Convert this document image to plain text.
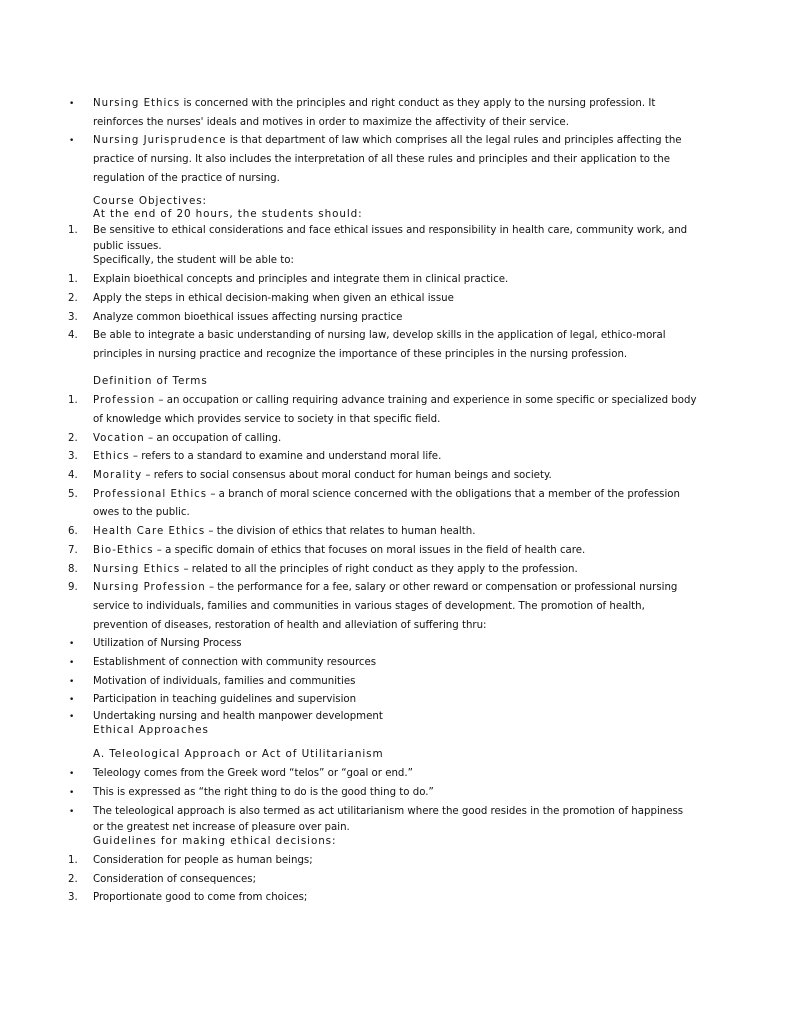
• Nursing Ethics is concerned with the principles and right conduct as they apply to the nursing profession. It
reinforces the nurses' ideals and motives in order to maximize the affectivity of their service.
• Nursing Jurisprudence is that department of law which comprises all the legal rules and principles affecting the
practice of nursing. It also includes the interpretation of all these rules and principles and their application to the
regulation of the practice of nursing.
Course Objectives:
At the end of 20 hours, the students should:
1. Be sensitive to ethical considerations and face ethical issues and responsibility in health care, community work, and
public issues.
Specifically, the student will be able to:
1. Explain bioethical concepts and principles and integrate them in clinical practice.
2. Apply the steps in ethical decision-making when given an ethical issue
3. Analyze common bioethical issues affecting nursing practice
4. Be able to integrate a basic understanding of nursing law, develop skills in the application of legal, ethico-moral
principles in nursing practice and recognize the importance of these principles in the nursing profession.
Definition of Terms
1. Profession – an occupation or calling requiring advance training and experience in some specific or specialized body
of knowledge which provides service to society in that specific field.
2. Vocation – an occupation of calling.
3. Ethics – refers to a standard to examine and understand moral life.
4. Morality – refers to social consensus about moral conduct for human beings and society.
5. Professional Ethics – a branch of moral science concerned with the obligations that a member of the profession
owes to the public.
6. Health Care Ethics – the division of ethics that relates to human health.
7. Bio-Ethics – a specific domain of ethics that focuses on moral issues in the field of health care.
8. Nursing Ethics – related to all the principles of right conduct as they apply to the profession.
9. Nursing Profession – the performance for a fee, salary or other reward or compensation or professional nursing
service to individuals, families and communities in various stages of development. The promotion of health,
prevention of diseases, restoration of health and alleviation of suffering thru:
• Utilization of Nursing Process
• Establishment of connection with community resources
• Motivation of individuals, families and communities
• Participation in teaching guidelines and supervision
• Undertaking nursing and health manpower development
Ethical Approaches
A. Teleological Approach or Act of Utilitarianism
• Teleology comes from the Greek word “telos” or “goal or end.”
• This is expressed as “the right thing to do is the good thing to do.”
• The teleological approach is also termed as act utilitarianism where the good resides in the promotion of happiness
or the greatest net increase of pleasure over pain.
Guidelines for making ethical decisions:
1. Consideration for people as human beings;
2. Consideration of consequences;
3. Proportionate good to come from choices;
